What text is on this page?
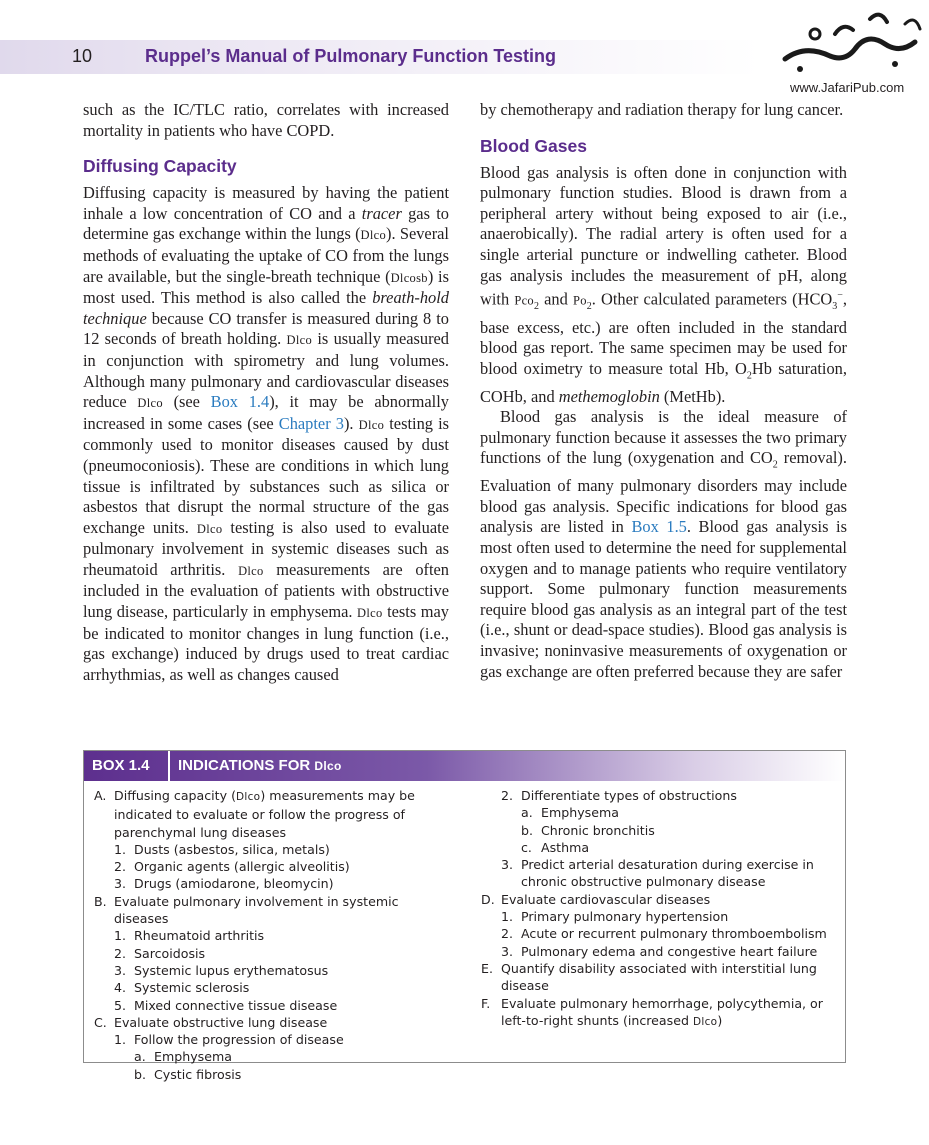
10	Ruppel’s Manual of Pulmonary Function Testing
www.JafariPub.com

such as the IC/TLC ratio, correlates with increased mortality in patients who have COPD.

Diffusing Capacity

Diffusing capacity is measured by having the patient inhale a low concentration of CO and a tracer gas to determine gas exchange within the lungs (Dlco). Several methods of evaluating the uptake of CO from the lungs are available, but the single-breath technique (Dlcosb) is most used. This method is also called the breath-hold technique because CO transfer is measured during 8 to 12 seconds of breath holding. Dlco is usually measured in conjunction with spirometry and lung volumes. Although many pulmonary and cardiovascular diseases reduce Dlco (see Box 1.4), it may be abnormally increased in some cases (see Chapter 3). Dlco testing is commonly used to monitor diseases caused by dust (pneumoconiosis). These are conditions in which lung tissue is infiltrated by substances such as silica or asbestos that disrupt the normal structure of the gas exchange units. Dlco testing is also used to evaluate pulmonary involvement in systemic diseases such as rheumatoid arthritis. Dlco measurements are often included in the evaluation of patients with obstructive lung disease, particularly in emphysema. Dlco tests may be indicated to monitor changes in lung function (i.e., gas exchange) induced by drugs used to treat cardiac arrhythmias, as well as changes caused

by chemotherapy and radiation therapy for lung cancer.

Blood Gases

Blood gas analysis is often done in conjunction with pulmonary function studies. Blood is drawn from a peripheral artery without being exposed to air (i.e., anaerobically). The radial artery is often used for a single arterial puncture or indwelling catheter. Blood gas analysis includes the measurement of pH, along with Pco$_2$ and $Po_2$. Other calculated parameters ($HCO_3^-$, base excess, etc.) are often included in the standard blood gas report. The same specimen may be used for blood oximetry to measure total Hb, $O_2Hb$ saturation, COHb, and methemoglobin (MetHb).

Blood gas analysis is the ideal measure of pulmonary function because it assesses the two primary functions of the lung (oxygenation and $CO_2$ removal). Evaluation of many pulmonary disorders may include blood gas analysis. Specific indications for blood gas analysis are listed in Box 1.5. Blood gas analysis is most often used to determine the need for supplemental oxygen and to manage patients who require ventilatory support. Some pulmonary function measurements require blood gas analysis as an integral part of the test (i.e., shunt or dead-space studies). Blood gas analysis is invasive; noninvasive measurements of oxygenation or gas exchange are often preferred because they are safer

BOX 1.4 INDICATIONS FOR Dlco
A. Diffusing capacity (Dlco) measurements may be indicated to evaluate or follow the progress of parenchymal lung diseases
1. Dusts (asbestos, silica, metals)
2. Organic agents (allergic alveolitis)
3. Drugs (amiodarone, bleomycin)
B. Evaluate pulmonary involvement in systemic diseases
1. Rheumatoid arthritis
2. Sarcoidosis
3. Systemic lupus erythematosus
4. Systemic sclerosis
5. Mixed connective tissue disease
C. Evaluate obstructive lung disease
1. Follow the progression of disease
a. Emphysema
b. Cystic fibrosis
2. Differentiate types of obstructions
a. Emphysema
b. Chronic bronchitis
c. Asthma
3. Predict arterial desaturation during exercise in chronic obstructive pulmonary disease
D. Evaluate cardiovascular diseases
1. Primary pulmonary hypertension
2. Acute or recurrent pulmonary thromboembolism
3. Pulmonary edema and congestive heart failure
E. Quantify disability associated with interstitial lung disease
F. Evaluate pulmonary hemorrhage, polycythemia, or left-to-right shunts (increased Dlco)
